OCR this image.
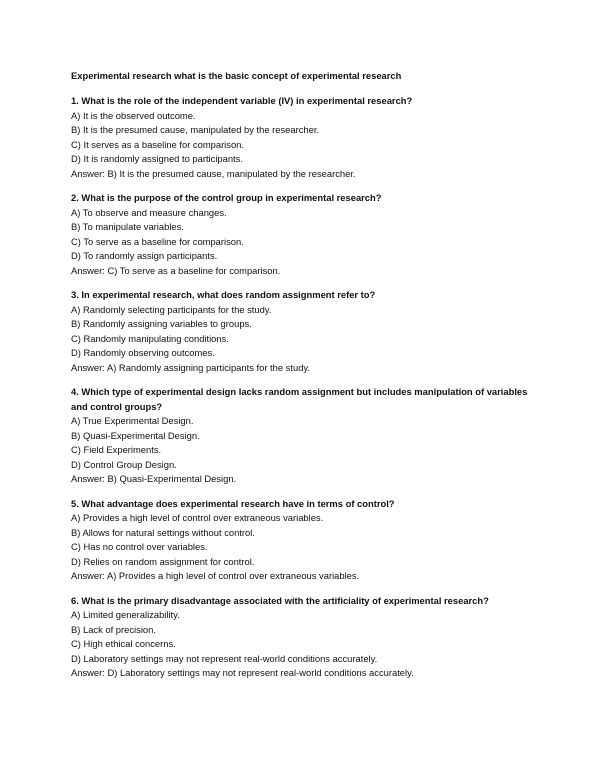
Experimental research what is the basic concept of experimental research

1. What is the role of the independent variable (IV) in experimental research?

A) It is the observed outcome.

B) It is the presumed cause, manipulated by the researcher.

C) It serves as a baseline for comparison.

D) It is randomly assigned to participants.

Answer: B) It is the presumed cause, manipulated by the researcher.

2. What is the purpose of the control group in experimental research?

A) To observe and measure changes.

B) To manipulate variables.

C) To serve as a baseline for comparison.

D) To randomly assign participants.

Answer: C) To serve as a baseline for comparison.

3. In experimental research, what does random assignment refer to?

A) Randomly selecting participants for the study.

B) Randomly assigning variables to groups.

C) Randomly manipulating conditions.

D) Randomly observing outcomes.

Answer: A) Randomly assigning participants for the study.

4. Which type of experimental design lacks random assignment but includes manipulation of variables and control groups?

A) True Experimental Design.

B) Quasi-Experimental Design.

C) Field Experiments.

D) Control Group Design.

Answer: B) Quasi-Experimental Design.

5. What advantage does experimental research have in terms of control?

A) Provides a high level of control over extraneous variables.

B) Allows for natural settings without control.

C) Has no control over variables.

D) Relies on random assignment for control.

Answer: A) Provides a high level of control over extraneous variables.

6. What is the primary disadvantage associated with the artificiality of experimental research?

A) Limited generalizability.

B) Lack of precision.

C) High ethical concerns.

D) Laboratory settings may not represent real-world conditions accurately.

Answer: D) Laboratory settings may not represent real-world conditions accurately.
